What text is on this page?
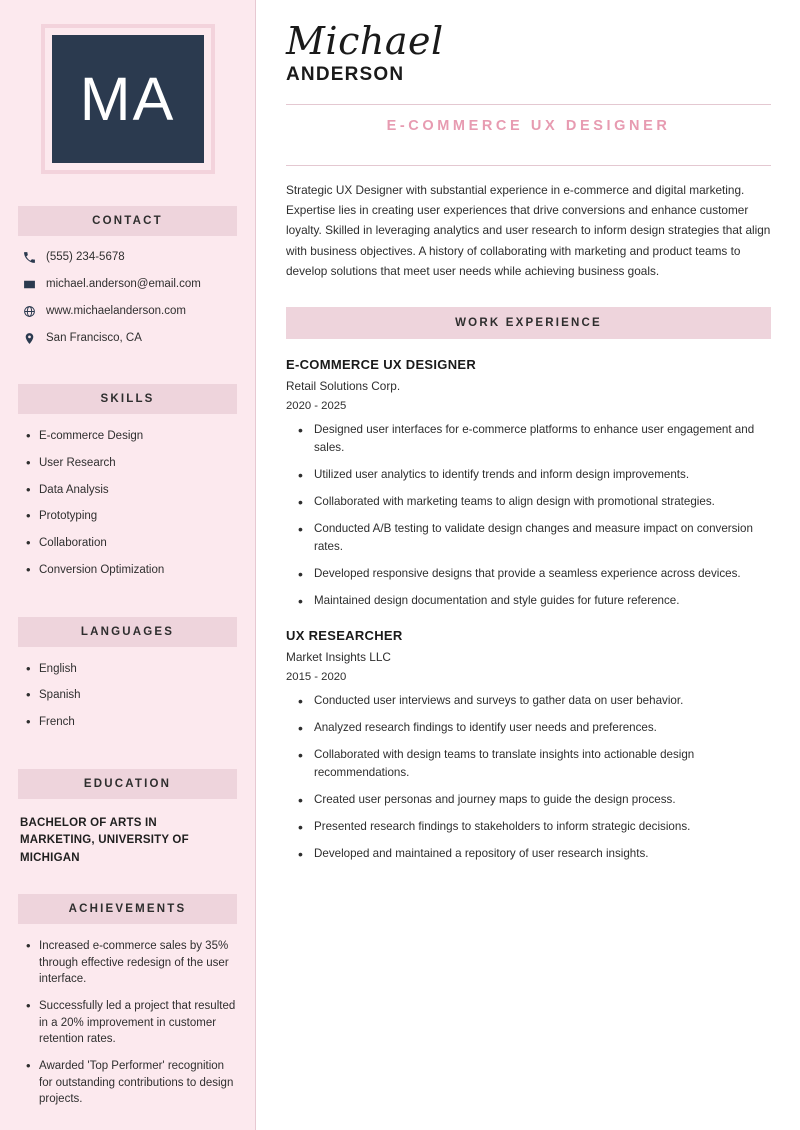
MA
CONTACT
(555) 234-5678
michael.anderson@email.com
www.michaelanderson.com
San Francisco, CA
SKILLS
• E-commerce Design
• User Research
• Data Analysis
• Prototyping
• Collaboration
• Conversion Optimization
LANGUAGES
• English
• Spanish
• French
EDUCATION
BACHELOR OF ARTS IN MARKETING, UNIVERSITY OF MICHIGAN
ACHIEVEMENTS
• Increased e-commerce sales by 35% through effective redesign of the user interface.
• Successfully led a project that resulted in a 20% improvement in customer retention rates.
• Awarded 'Top Performer' recognition for outstanding contributions to design projects.
Michael
ANDERSON
E-COMMERCE UX DESIGNER

Strategic UX Designer with substantial experience in e-commerce and digital marketing. Expertise lies in creating user experiences that drive conversions and enhance customer loyalty. Skilled in leveraging analytics and user research to inform design strategies that align with business objectives. A history of collaborating with marketing and product teams to develop solutions that meet user needs while achieving business goals.

WORK EXPERIENCE
E-COMMERCE UX DESIGNER
Retail Solutions Corp.
2020 - 2025
• Designed user interfaces for e-commerce platforms to enhance user engagement and sales.
• Utilized user analytics to identify trends and inform design improvements.
• Collaborated with marketing teams to align design with promotional strategies.
• Conducted A/B testing to validate design changes and measure impact on conversion rates.
• Developed responsive designs that provide a seamless experience across devices.
• Maintained design documentation and style guides for future reference.
UX RESEARCHER
Market Insights LLC
2015 - 2020
• Conducted user interviews and surveys to gather data on user behavior.
• Analyzed research findings to identify user needs and preferences.
• Collaborated with design teams to translate insights into actionable design recommendations.
• Created user personas and journey maps to guide the design process.
• Presented research findings to stakeholders to inform strategic decisions.
• Developed and maintained a repository of user research insights.
